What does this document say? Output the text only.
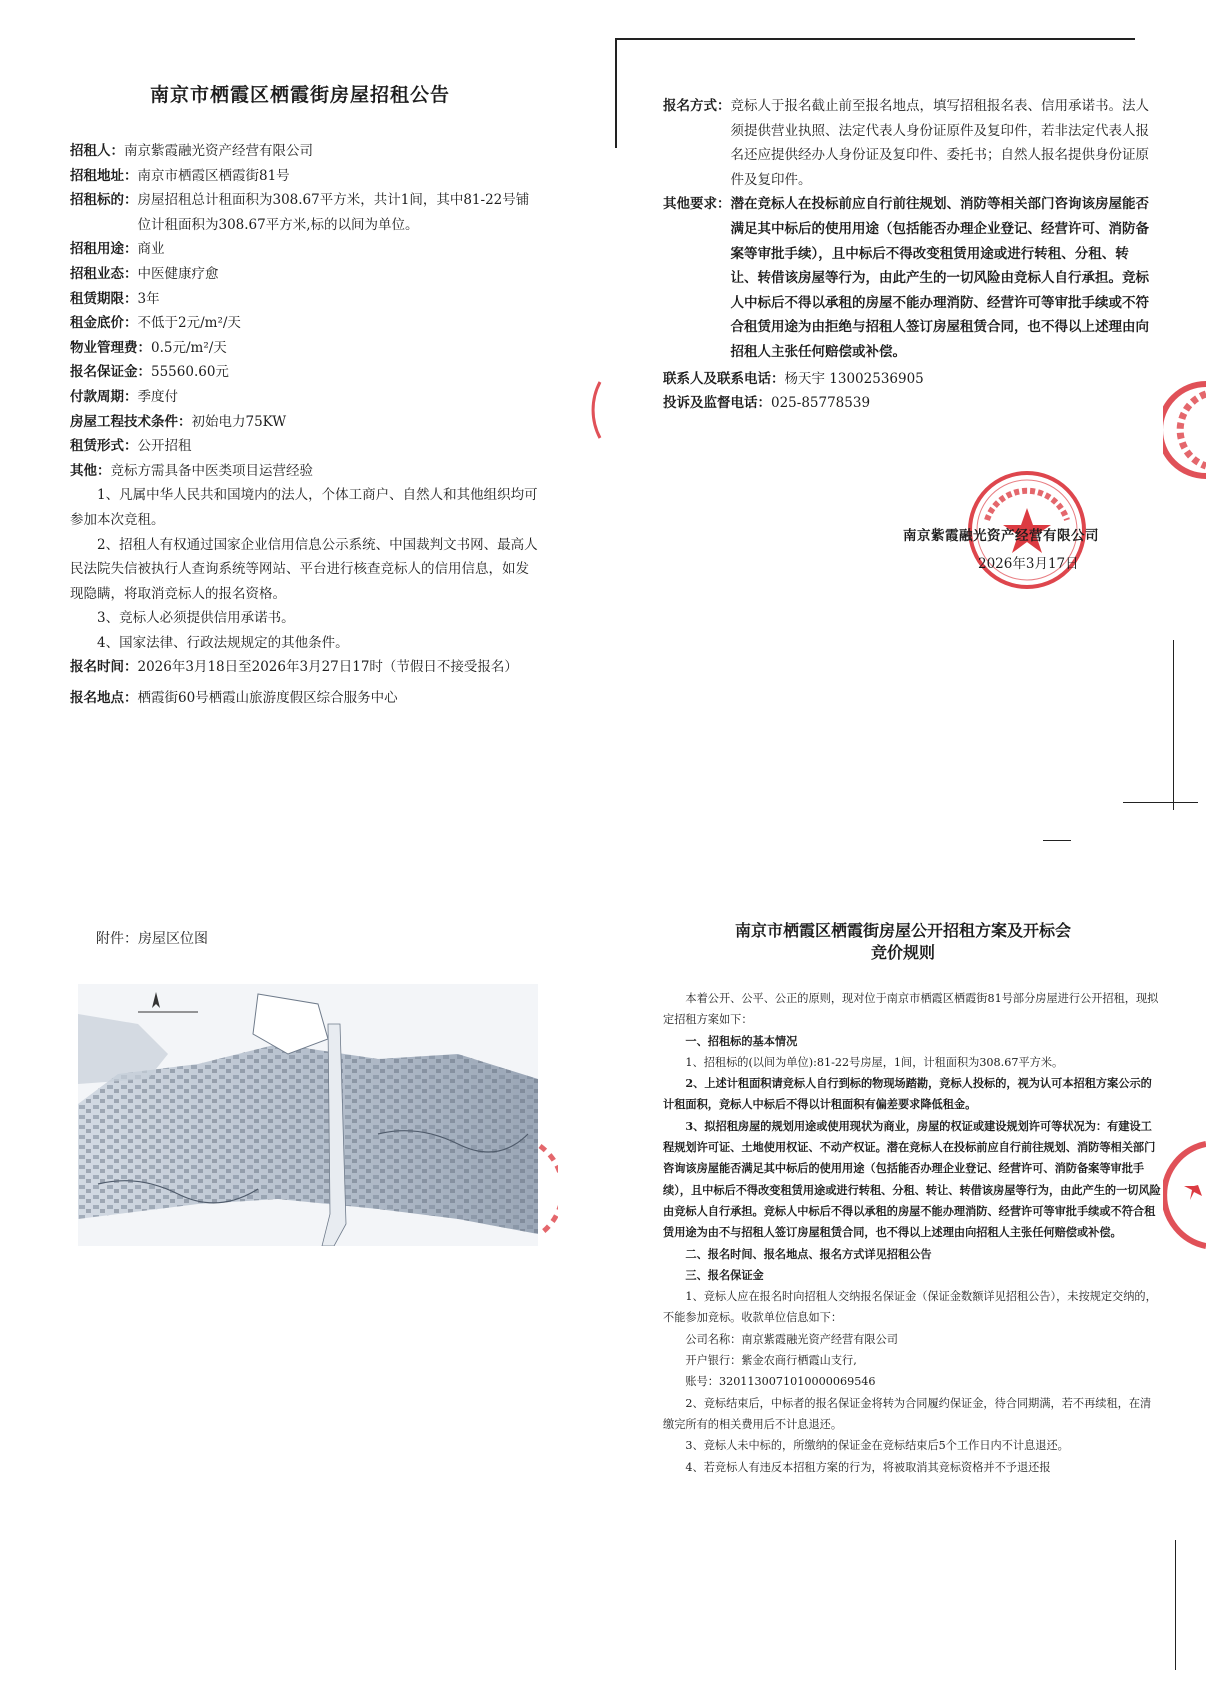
南京市栖霞区栖霞街房屋招租公告
招租人： 南京紫霞融光资产经营有限公司
招租地址： 南京市栖霞区栖霞街81号
招租标的： 房屋招租总计租面积为308.67平方米，共计1间，其中81-22号铺位计租面积为308.67平方米,标的以间为单位。
招租用途： 商业
招租业态： 中医健康疗愈
租赁期限： 3年
租金底价： 不低于2元/m²/天
物业管理费： 0.5元/m²/天
报名保证金： 55560.60元
付款周期： 季度付
房屋工程技术条件： 初始电力75KW
租赁形式： 公开招租
其他： 竞标方需具备中医类项目运营经验
1、凡属中华人民共和国境内的法人，个体工商户、自然人和其他组织均可参加本次竞租。
2、招租人有权通过国家企业信用信息公示系统、中国裁判文书网、最高人民法院失信被执行人查询系统等网站、平台进行核查竞标人的信用信息，如发现隐瞒，将取消竞标人的报名资格。
3、竞标人必须提供信用承诺书。
4、国家法律、行政法规规定的其他条件。
报名时间： 2026年3月18日至2026年3月27日17时（节假日不接受报名）
报名地点： 栖霞街60号栖霞山旅游度假区综合服务中心
报名方式： 竞标人于报名截止前至报名地点，填写招租报名表、信用承诺书。法人须提供营业执照、法定代表人身份证原件及复印件，若非法定代表人报名还应提供经办人身份证及复印件、委托书；自然人报名提供身份证原件及复印件。
其他要求： 潜在竞标人在投标前应自行前往规划、消防等相关部门咨询该房屋能否满足其中标后的使用用途（包括能否办理企业登记、经营许可、消防备案等审批手续），且中标后不得改变租赁用途或进行转租、分租、转让、转借该房屋等行为，由此产生的一切风险由竞标人自行承担。竞标人中标后不得以承租的房屋不能办理消防、经营许可等审批手续或不符合租赁用途为由拒绝与招租人签订房屋租赁合同，也不得以上述理由向招租人主张任何赔偿或补偿。
联系人及联系电话：杨天宇 13002536905
投诉及监督电话：025-85778539
南京紫霞融光资产经营有限公司
2026年3月17日
附件：房屋区位图	南京市栖霞区栖霞街房屋公开招租方案及开标会
竞价规则

本着公开、公平、公正的原则，现对位于南京市栖霞区栖霞街81号部分房屋进行公开招租，现拟定招租方案如下：

一、招租标的基本情况

1、招租标的(以间为单位):81-22号房屋，1间，计租面积为308.67平方米。

2、上述计租面积请竞标人自行到标的物现场踏勘，竞标人投标的，视为认可本招租方案公示的计租面积，竞标人中标后不得以计租面积有偏差要求降低租金。

3、拟招租房屋的规划用途或使用现状为商业，房屋的权证或建设规划许可等状况为：有建设工程规划许可证、土地使用权证、不动产权证。潜在竞标人在投标前应自行前往规划、消防等相关部门咨询该房屋能否满足其中标后的使用用途（包括能否办理企业登记、经营许可、消防备案等审批手续），且中标后不得改变租赁用途或进行转租、分租、转让、转借该房屋等行为，由此产生的一切风险由竞标人自行承担。竞标人中标后不得以承租的房屋不能办理消防、经营许可等审批手续或不符合租赁用途为由不与招租人签订房屋租赁合同，也不得以上述理由向招租人主张任何赔偿或补偿。

二、报名时间、报名地点、报名方式详见招租公告

三、报名保证金

1、竞标人应在报名时向招租人交纳报名保证金（保证金数额详见招租公告），未按规定交纳的，不能参加竞标。收款单位信息如下：

公司名称：南京紫霞融光资产经营有限公司

开户银行：紫金农商行栖霞山支行,

账号：3201130071010000069546

2、竞标结束后，中标者的报名保证金将转为合同履约保证金，待合同期满，若不再续租，在清缴完所有的相关费用后不计息退还。

3、竞标人未中标的，所缴纳的保证金在竞标结束后5个工作日内不计息退还。

4、若竞标人有违反本招租方案的行为，将被取消其竞标资格并不予退还报
